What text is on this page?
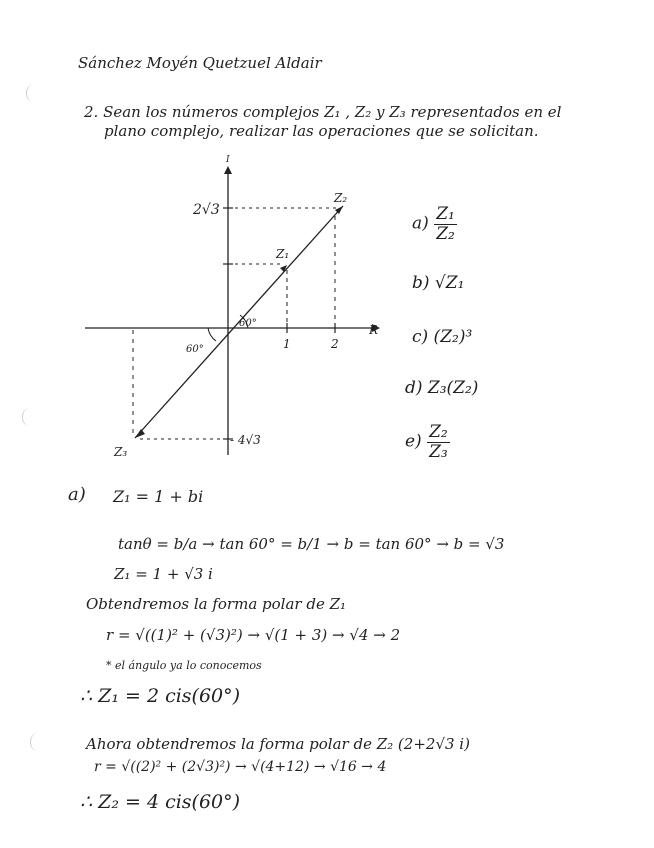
Sánchez Moyén Quetzuel Aldair
2. Sean los números complejos Z₁ , Z₂ y Z₃ representados en el
plano complejo, realizar las operaciones que se solicitan.
I
R
2√3
- 4√3
1	2
60°
60°
Z₁
Z₂
Z₃
$a) \frac{\text{Z₁}}{\text{Z₂}}$
b) √Z₁
c) (Z₂)³
d) Z₃(Z₂)
$e) \frac{\text{Z₂}}{\text{Z₃}}$
a) Z₁ = 1 + bi
tanθ = b/a → tan 60° = b/1 → b = tan 60° → b = √3
Z₁ = 1 + √3 i
Obtendremos la forma polar de Z₁
r = √((1)² + (√3)²) → √(1 + 3) → √4 → 2
* el ángulo ya lo conocemos
∴ Z₁ = 2 cis(60°)
Ahora obtendremos la forma polar de Z₂ (2+2√3 i)
r = √((2)² + (2√3)²) → √(4+12) → √16 → 4
∴ Z₂ = 4 cis(60°)
